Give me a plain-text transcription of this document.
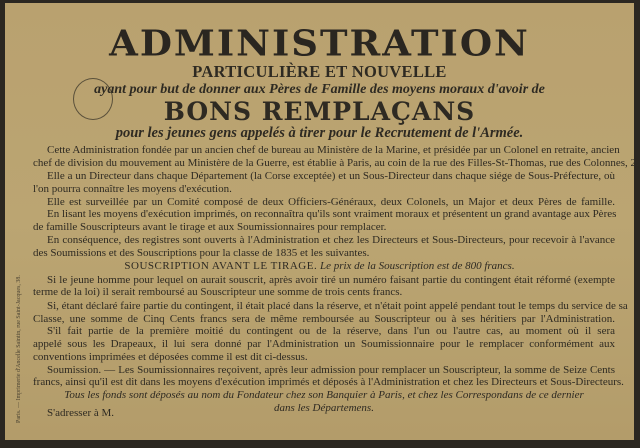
ADMINISTRATION
PARTICULIÈRE ET NOUVELLE
ayant pour but de donner aux Pères de Famille des moyens moraux d'avoir de
BONS REMPLAÇANS
pour les jeunes gens appelés à tirer pour le Recrutement de l'Armée.
Cette Administration fondée par un ancien chef de bureau au Ministère de la Marine, et présidée par un Colonel en retraite, ancien
chef de division du mouvement au Ministère de la Guerre, est établie à Paris, au coin de la rue des Filles-St-Thomas, rue des Colonnes, 2.
Elle a un Directeur dans chaque Département (la Corse exceptée) et un Sous-Directeur dans chaque siége de Sous-Préfecture, où
l'on pourra connaître les moyens d'exécution.
Elle est surveillée par un Comité composé de deux Officiers-Généraux, deux Colonels, un Major et deux Pères de famille.
En lisant les moyens d'exécution imprimés, on reconnaîtra qu'ils sont vraiment moraux et présentent un grand avantage aux Pères
de famille Souscripteurs avant le tirage et aux Soumissionnaires pour remplacer.
En conséquence, des registres sont ouverts à l'Administration et chez les Directeurs et Sous-Directeurs, pour recevoir à l'avance
des Soumissions et des Souscriptions pour la classe de 1835 et les suivantes.
SOUSCRIPTION AVANT LE TIRAGE. Le prix de la Souscription est de 800 francs.
Si le jeune homme pour lequel on aurait souscrit, après avoir tiré un numéro faisant partie du contingent était réformé (exempte
terme de la loi) il serait remboursé au Souscripteur une somme de trois cents francs.
Si, étant déclaré faire partie du contingent, il était placé dans la réserve, et n'était point appelé pendant tout le temps du service de sa
Classe, une somme de Cinq Cents francs sera de même remboursée au Souscripteur ou à ses héritiers par l'Administration.
S'il fait partie de la première moitié du contingent ou de la réserve, dans l'un ou l'autre cas, au moment où il sera
appelé sous les Drapeaux, il lui sera donné par l'Administration un Soumissionnaire pour le remplacer conformément aux
conventions imprimées et déposées comme il est dit ci-dessus.
Soumission. — Les Soumissionnaires reçoivent, après leur admission pour remplacer un Souscripteur, la somme de Seize Cents
francs, ainsi qu'il est dit dans les moyens d'exécution imprimés et déposés à l'Administration et chez les Directeurs et Sous-Directeurs.
Tous les fonds sont déposés au nom du Fondateur chez son Banquier à Paris, et chez les Correspondans de ce dernier
dans les Départemens.
S'adresser à M.
Paris. — Imprimerie d'Ancelle Saintin, rue Saint-Jacques, 38.
